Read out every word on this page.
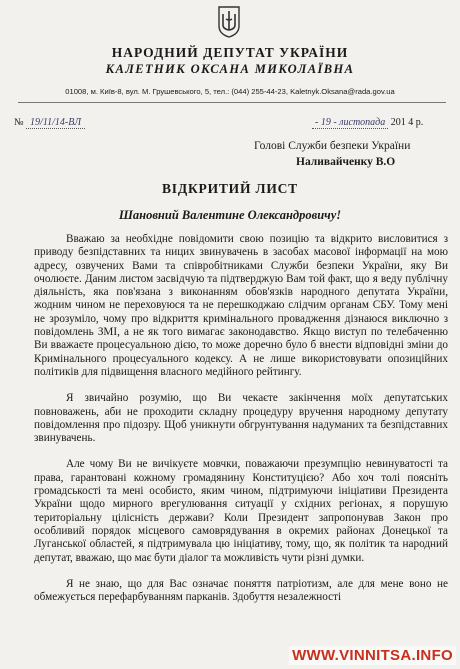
НАРОДНИЙ ДЕПУТАТ УКРАЇНИ
КАЛЕТНИК ОКСАНА МИКОЛАЇВНА
01008, м. Київ-8, вул. М. Грушевського, 5, тел.: (044) 255-44-23, Kaletnyk.Oksana@rada.gov.ua
№ 19/11/14-ВЛ	- 19 - листопада 201 4 р.
Голові Служби безпеки України
Наливайченку В.О
ВІДКРИТИЙ ЛИСТ
Шановний Валентине Олександровичу!

Вважаю за необхідне повідомити свою позицію та відкрито висловитися з приводу безпідставних та ницих звинувачень в засобах масової інформації на мою адресу, озвучених Вами та співробітниками Служби безпеки України, яку Ви очолюєте. Даним листом засвідчую та підтверджую Вам той факт, що я веду публічну діяльність, яка пов'язана з виконанням обов'язків народного депутата України, жодним чином не переховуюся та не перешкоджаю слідчим органам СБУ. Тому мені не зрозуміло, чому про відкриття кримінального провадження дізнаюся виключно з повідомлень ЗМІ, а не як того вимагає законодавство. Якщо виступ по телебаченню Ви вважаєте процесуальною дією, то може доречно було б внести відповідні зміни до Кримінального процесуального кодексу. А не лише використовувати опозиційних політиків для підвищення власного медійного рейтингу.

Я звичайно розумію, що Ви чекаєте закінчення моїх депутатських повноважень, аби не проходити складну процедуру вручення народному депутату повідомлення про підозру. Щоб уникнути обгрунтування надуманих та безпідставних звинувачень.

Але чому Ви не вичікуєте мовчки, поважаючи презумпцію невинуватості та права, гарантовані кожному громадянину Конституцією? Або хоч толі поясніть громадськості та мені особисто, яким чином, підтримуючи ініціативи Президента України щодо мирного врегулювання ситуації у східних регіонах, я порушую територіальну цілісність держави? Коли Президент запропонував Закон про особливий порядок місцевого самоврядування в окремих районах Донецької та Луганської областей, я підтримувала цю ініціативу, тому, що, як політик та народний депутат, вважаю, що має бути діалог та можливість чути різні думки.

Я не знаю, що для Вас означає поняття патріотизм, але для мене воно не обмежується перефарбуванням парканів. Здобуття незалежності

WWW.VINNITSA.INFO
